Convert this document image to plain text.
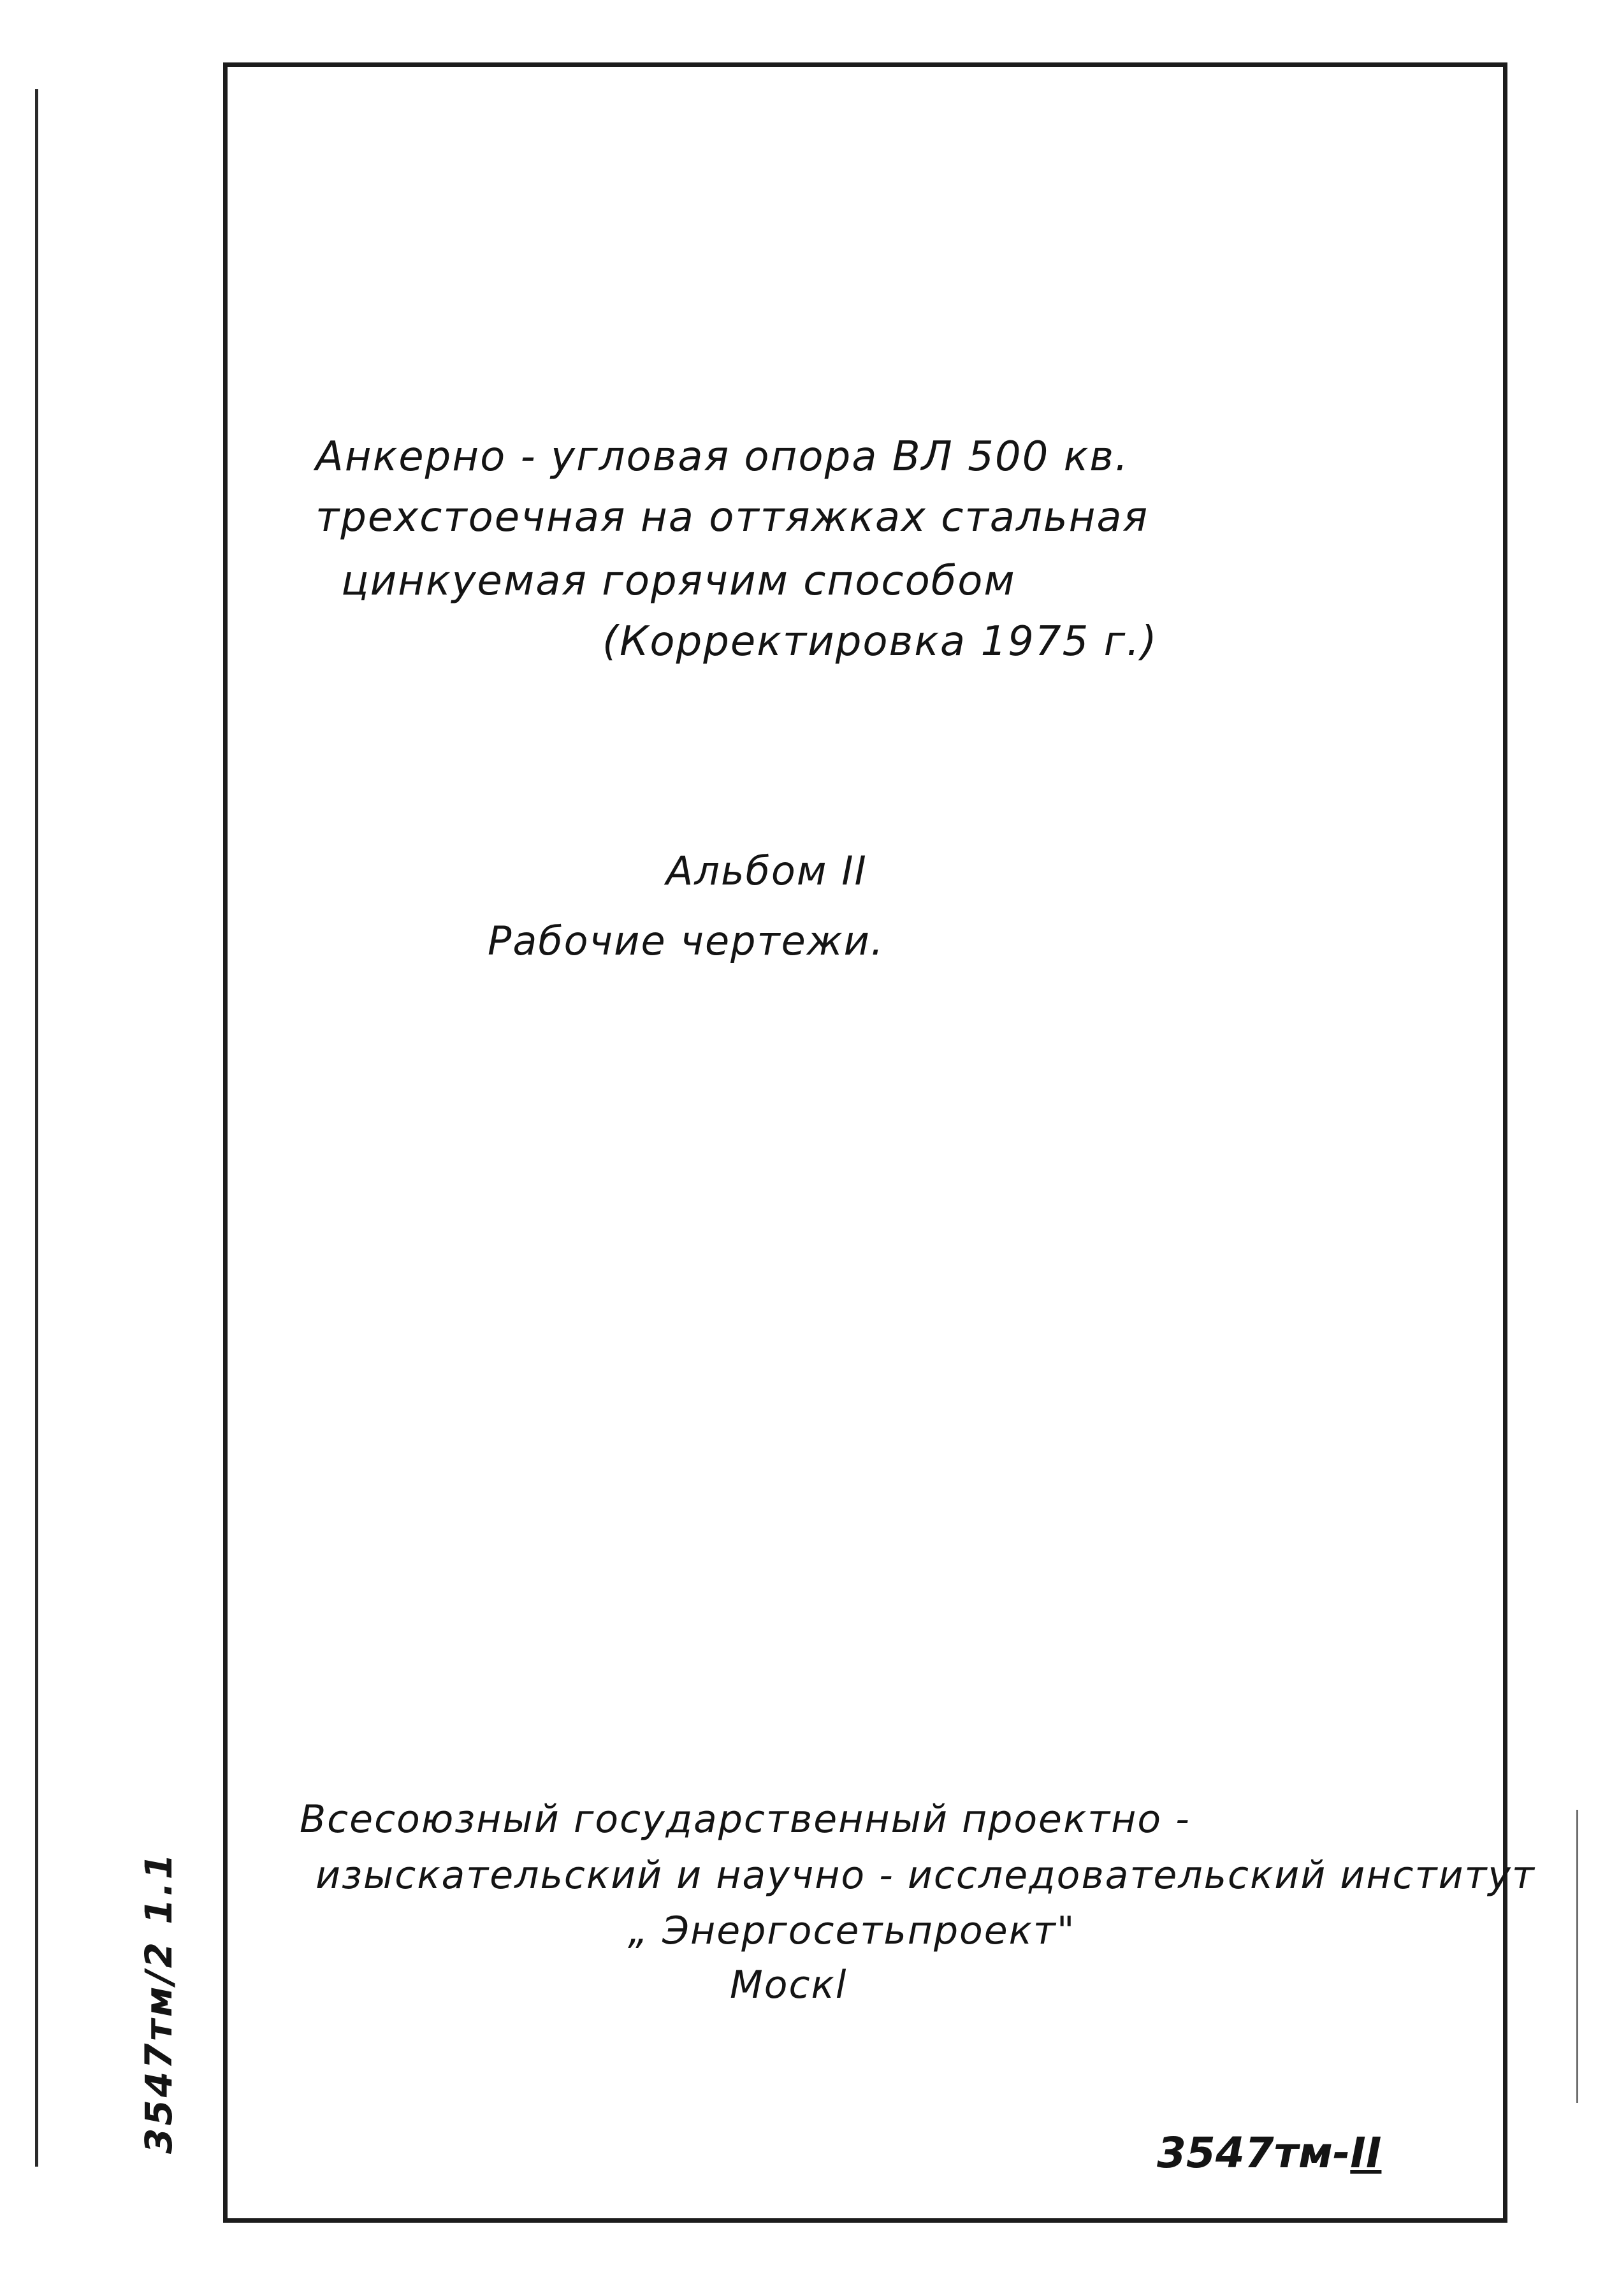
Анкерно - угловая опора ВЛ 500 кв.
трехстоечная на оттяжках стальная
цинкуемая горячим способом
(Корректировка 1975 г.)
Альбом II
Рабочие чертежи.
Всесоюзный государственный проектно -
изыскательский и научно - исследовательский институт
„ Энергосетьпроект"
Москl
3547тм-II
3547тм/2 1.1
